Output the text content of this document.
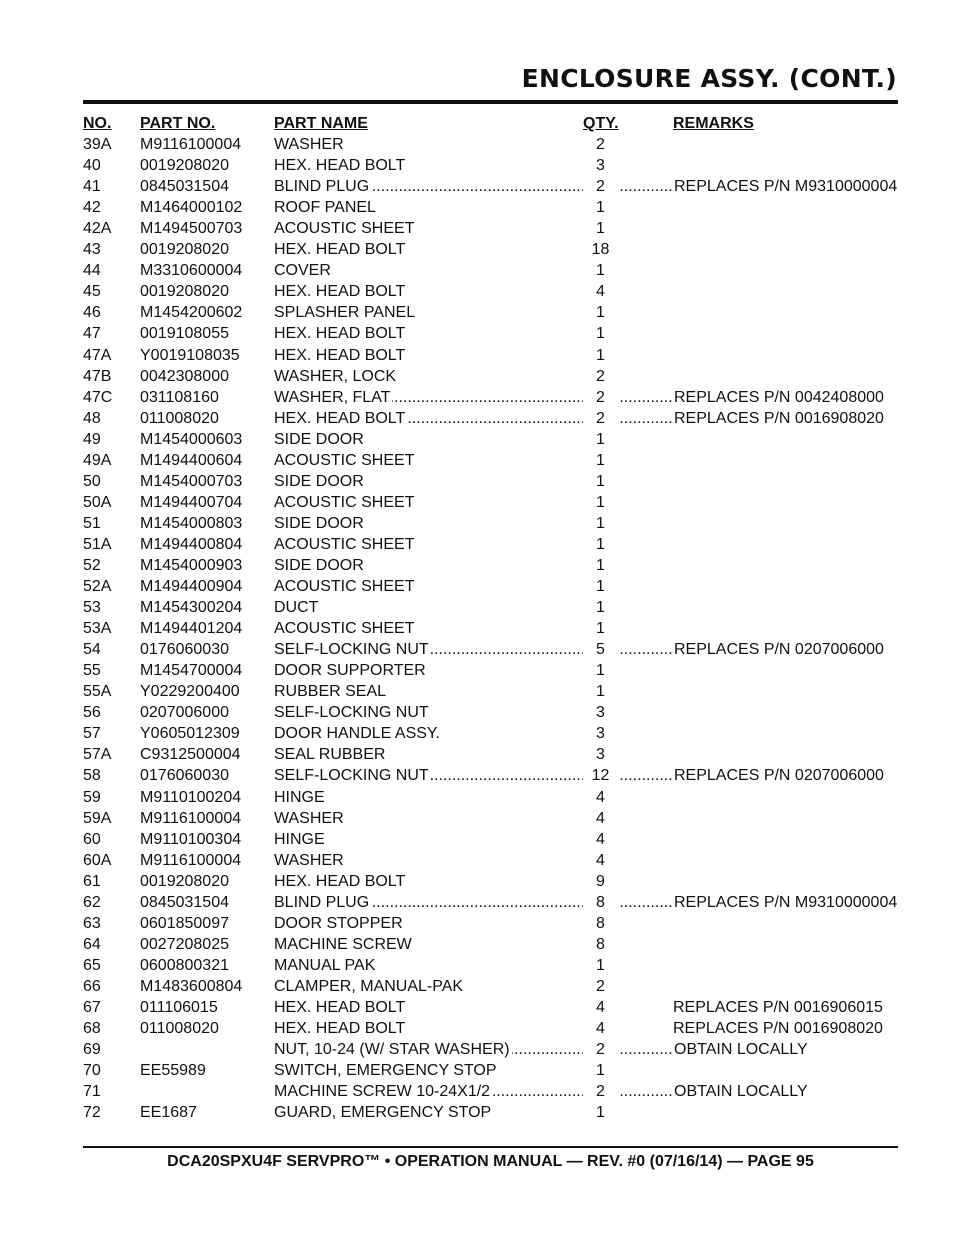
ENCLOSURE ASSY. (CONT.)
NO. PART NO.	PART NAME	QTY.	REMARKS
39A M9116100004 WASHER	2
40 0019208020	HEX. HEAD BOLT	3
41 0845031504 ..... .....	BLIND PLUG	2	REPLACES P/N M9310000004
42 M1464000102 ROOF PANEL	1
42A M1494500703 ACOUSTIC SHEET	1
43 0019208020	HEX. HEAD BOLT	18
44 M3310600004 COVER	1
45 0019208020	HEX. HEAD BOLT	4
46 M1454200602 SPLASHER PANEL	1
47 0019108055	HEX. HEAD BOLT	1
47A Y0019108035 HEX. HEAD BOLT	1
47B 0042308000	WASHER, LOCK	2
47C 031108160 ..... .....	WASHER, FLAT	2	REPLACES P/N 0042408000
48 011008020 ..... .....	HEX. HEAD BOLT	2	REPLACES P/N 0016908020
49 M1454000603 SIDE DOOR	1
49A M1494400604 ACOUSTIC SHEET	1
50 M1454000703 SIDE DOOR	1
50A M1494400704 ACOUSTIC SHEET	1
51 M1454000803 SIDE DOOR	1
51A M1494400804 ACOUSTIC SHEET	1
52 M1454000903 SIDE DOOR	1
52A M1494400904 ACOUSTIC SHEET	1
53 M1454300204 DUCT	1
53A M1494401204 ACOUSTIC SHEET	1
54 0176060030 ..... .....	SELF-LOCKING NUT	5	REPLACES P/N 0207006000
55 M1454700004 DOOR SUPPORTER	1
55A Y0229200400 RUBBER SEAL	1
56 0207006000	SELF-LOCKING NUT	3
57 Y0605012309 DOOR HANDLE ASSY.	3
57A C9312500004 SEAL RUBBER	3
58 0176060030 ..... .....	SELF-LOCKING NUT	12	REPLACES P/N 0207006000
59 M9110100204 HINGE	4
59A M9116100004 WASHER	4
60 M9110100304 HINGE	4
60A M9116100004 WASHER	4
61 0019208020	HEX. HEAD BOLT	9
62 0845031504 ..... .....	BLIND PLUG	8	REPLACES P/N M9310000004
63 0601850097	DOOR STOPPER	8
64 0027208025	MACHINE SCREW	8
65 0600800321	MANUAL PAK	1
66 M1483600804 CLAMPER, MANUAL-PAK	2
67 011106015	HEX. HEAD BOLT	4	REPLACES P/N 0016906015
68 011008020	HEX. HEAD BOLT	4	REPLACES P/N 0016908020
69 ..... .....	NUT, 10-24 (W/ STAR WASHER)	2	OBTAIN LOCALLY
70 EE55989	SWITCH, EMERGENCY STOP	1
71 ..... .....	MACHINE SCREW 10-24X1/2	2	OBTAIN LOCALLY
72 EE1687	GUARD, EMERGENCY STOP	1
DCA20SPXU4F SERVPRO™ • OPERATION MANUAL — REV. #0 (07/16/14) — PAGE 95
